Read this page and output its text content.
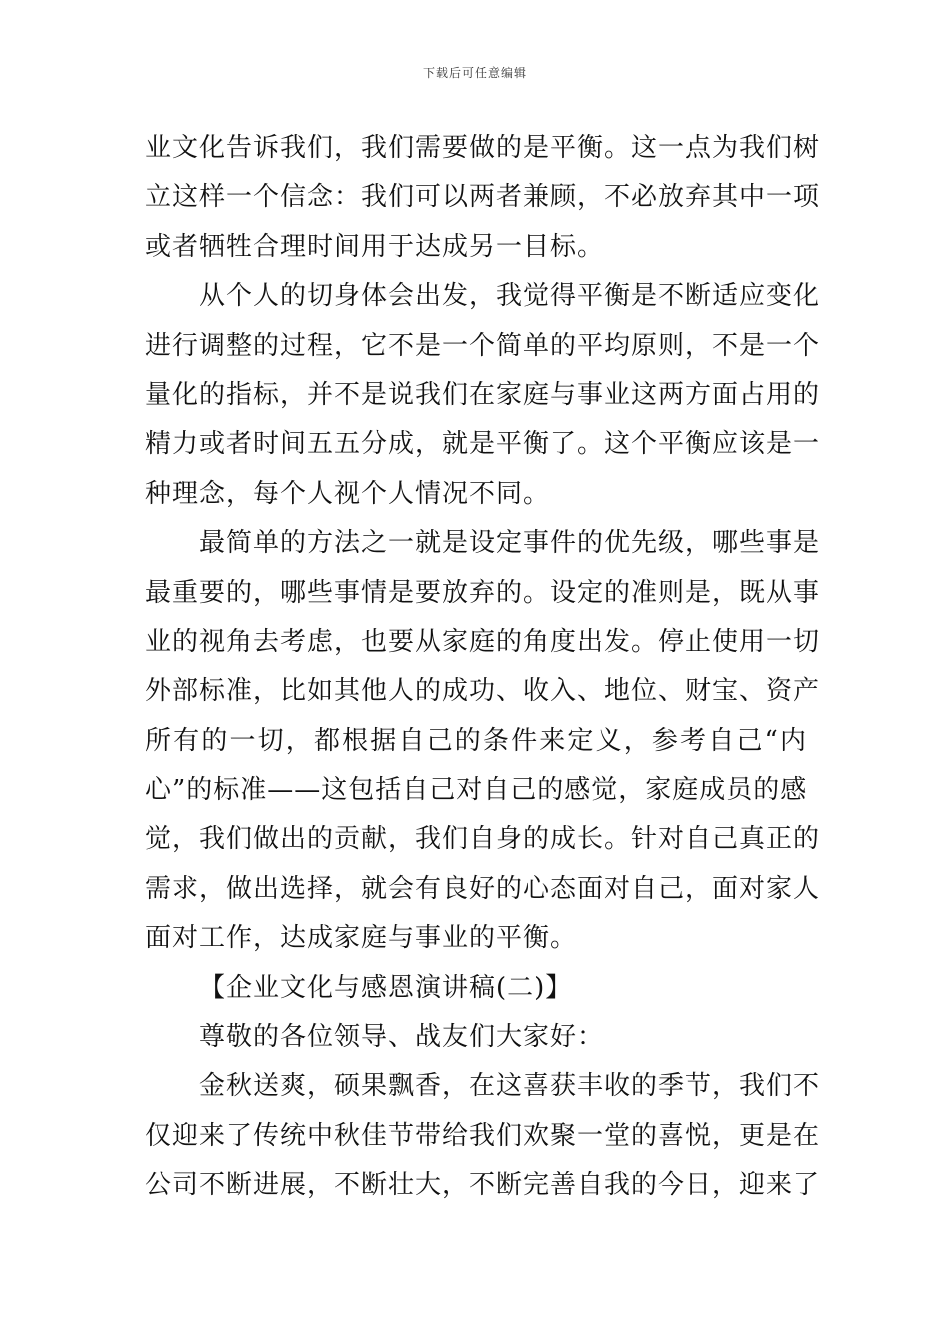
下载后可任意编辑
业文化告诉我们，我们需要做的是平衡。这一点为我们树
立这样一个信念：我们可以两者兼顾，不必放弃其中一项
或者牺牲合理时间用于达成另一目标。
从个人的切身体会出发，我觉得平衡是不断适应变化
进行调整的过程，它不是一个简单的平均原则，不是一个
量化的指标，并不是说我们在家庭与事业这两方面占用的
精力或者时间五五分成，就是平衡了。这个平衡应该是一
种理念，每个人视个人情况不同。
最简单的方法之一就是设定事件的优先级，哪些事是
最重要的，哪些事情是要放弃的。设定的准则是，既从事
业的视角去考虑，也要从家庭的角度出发。停止使用一切
外部标准，比如其他人的成功、收入、地位、财宝、资产
所有的一切，都根据自己的条件来定义，参考自己“内
心”的标准——这包括自己对自己的感觉，家庭成员的感
觉，我们做出的贡献，我们自身的成长。针对自己真正的
需求，做出选择，就会有良好的心态面对自己，面对家人
面对工作，达成家庭与事业的平衡。
【企业文化与感恩演讲稿(二)】
尊敬的各位领导、战友们大家好：
金秋送爽，硕果飘香，在这喜获丰收的季节，我们不
仅迎来了传统中秋佳节带给我们欢聚一堂的喜悦，更是在
公司不断进展，不断壮大，不断完善自我的今日，迎来了
